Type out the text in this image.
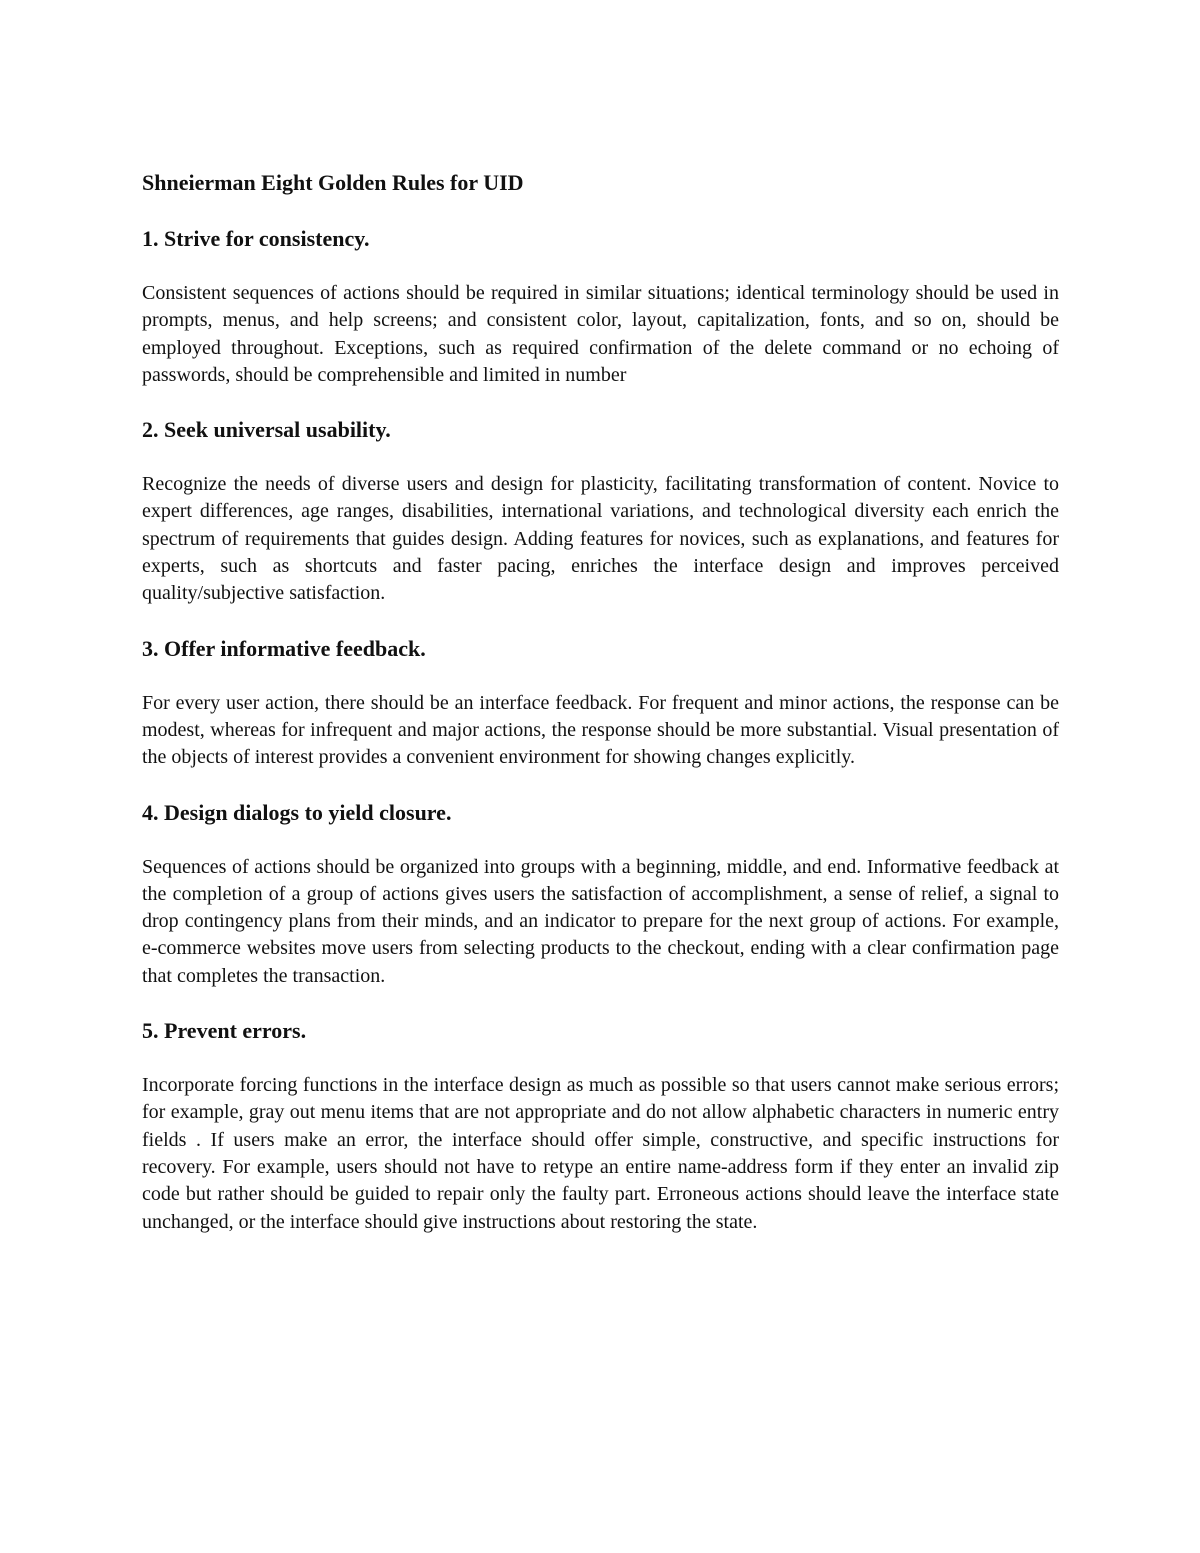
Shneierman Eight Golden Rules for UID
1. Strive for consistency.
Consistent sequences of actions should be required in similar situations; identical terminology should be used in prompts, menus, and help screens; and consistent color, layout, capitalization, fonts, and so on, should be employed throughout. Exceptions, such as required confirmation of the delete command or no echoing of passwords, should be comprehensible and limited in number
2. Seek universal usability.
Recognize the needs of diverse users and design for plasticity, facilitating transformation of content. Novice to expert differences, age ranges, disabilities, international variations, and technological diversity each enrich the spectrum of requirements that guides design. Adding features for novices, such as explanations, and features for experts, such as shortcuts and faster pacing, enriches the interface design and improves perceived quality/subjective satisfaction.
3. Offer informative feedback.
For every user action, there should be an interface feedback. For frequent and minor actions, the response can be modest, whereas for infrequent and major actions, the response should be more substantial. Visual presentation of the objects of interest provides a convenient environment for showing changes explicitly.
4. Design dialogs to yield closure.
Sequences of actions should be organized into groups with a beginning, middle, and end. Informative feedback at the completion of a group of actions gives users the satisfaction of accomplishment, a sense of relief, a signal to drop contingency plans from their minds, and an indicator to prepare for the next group of actions. For example, e-commerce websites move users from selecting products to the checkout, ending with a clear confirmation page that completes the transaction.
5. Prevent errors.
Incorporate forcing functions in the interface design as much as possible so that users cannot make serious errors; for example, gray out menu items that are not appropriate and do not allow alphabetic characters in numeric entry fields . If users make an error, the interface should offer simple, constructive, and specific instructions for recovery. For example, users should not have to retype an entire name-address form if they enter an invalid zip code but rather should be guided to repair only the faulty part. Erroneous actions should leave the interface state unchanged, or the interface should give instructions about restoring the state.
